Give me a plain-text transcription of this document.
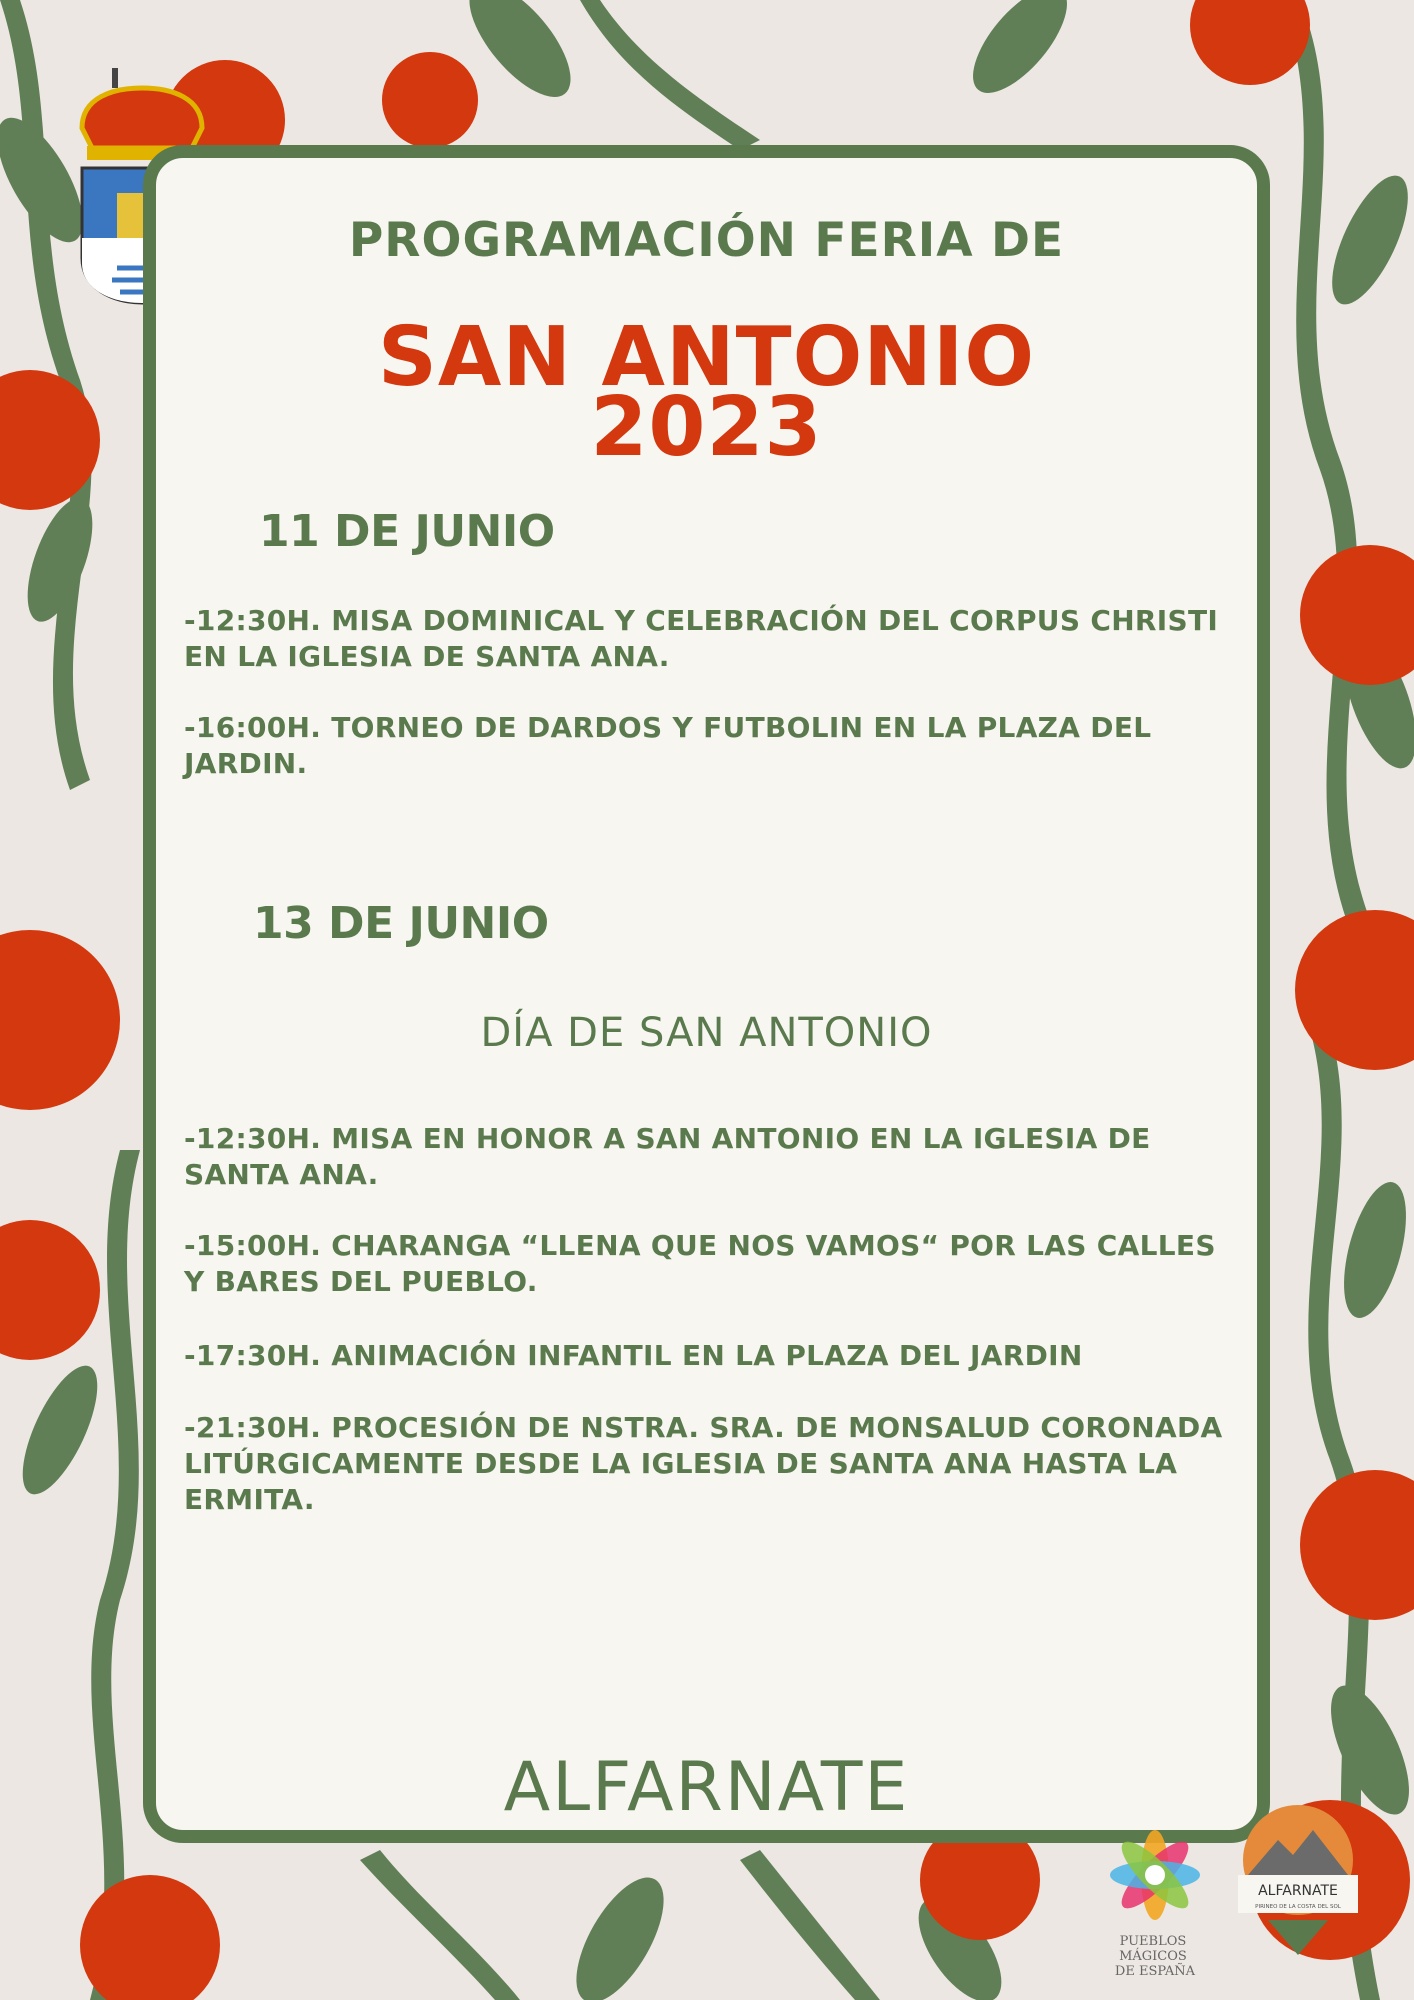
PROGRAMACIÓN FERIA DE
SAN ANTONIO
2023
11 DE JUNIO
-12:30H. MISA DOMINICAL Y CELEBRACIÓN DEL CORPUS CHRISTI EN LA IGLESIA DE SANTA ANA.
-16:00H. TORNEO DE DARDOS Y FUTBOLIN EN LA PLAZA DEL JARDIN.
13 DE JUNIO
DÍA DE SAN ANTONIO
-12:30H. MISA EN HONOR A SAN ANTONIO EN LA IGLESIA DE SANTA ANA.
-15:00H. CHARANGA “LLENA QUE NOS VAMOS“ POR LAS CALLES Y BARES DEL PUEBLO.
-17:30H. ANIMACIÓN INFANTIL EN LA PLAZA DEL JARDIN
-21:30H. PROCESIÓN DE NSTRA. SRA. DE MONSALUD CORONADA LITÚRGICAMENTE DESDE LA IGLESIA DE SANTA ANA HASTA LA ERMITA.
ALFARNATE
PUEBLOS MÁGICOS DE ESPAÑA
ALFARNATE
PIRINEO DE LA COSTA DEL SOL
